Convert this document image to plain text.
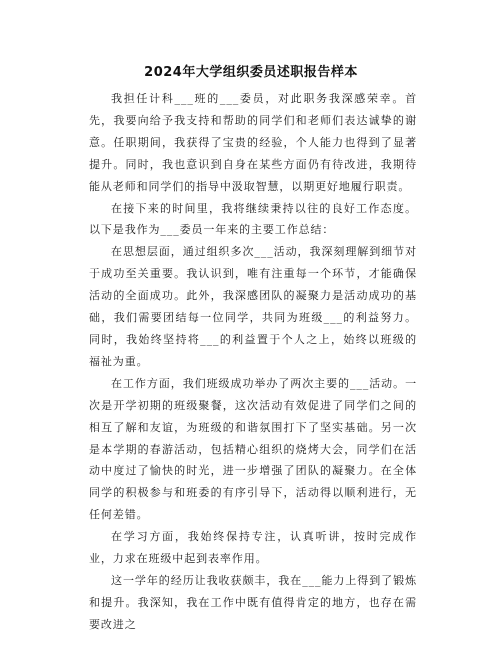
2024年大学组织委员述职报告样本

我担任计科___班的___委员，对此职务我深感荣幸。首先，我要向给予我支持和帮助的同学们和老师们表达诚挚的谢意。任职期间，我获得了宝贵的经验，个人能力也得到了显著提升。同时，我也意识到自身在某些方面仍有待改进，我期待能从老师和同学们的指导中汲取智慧，以期更好地履行职责。

在接下来的时间里，我将继续秉持以往的良好工作态度。以下是我作为___委员一年来的主要工作总结：

在思想层面，通过组织多次___活动，我深刻理解到细节对于成功至关重要。我认识到，唯有注重每一个环节，才能确保活动的全面成功。此外，我深感团队的凝聚力是活动成功的基础，我们需要团结每一位同学，共同为班级___的利益努力。同时，我始终坚持将___的利益置于个人之上，始终以班级的福祉为重。

在工作方面，我们班级成功举办了两次主要的___活动。一次是开学初期的班级聚餐，这次活动有效促进了同学们之间的相互了解和友谊，为班级的和谐氛围打下了坚实基础。另一次是本学期的春游活动，包括精心组织的烧烤大会，同学们在活动中度过了愉快的时光，进一步增强了团队的凝聚力。在全体同学的积极参与和班委的有序引导下，活动得以顺利进行，无任何差错。

在学习方面，我始终保持专注，认真听讲，按时完成作业，力求在班级中起到表率作用。

这一学年的经历让我收获颇丰，我在___能力上得到了锻炼和提升。我深知，我在工作中既有值得肯定的地方，也存在需要改进之
